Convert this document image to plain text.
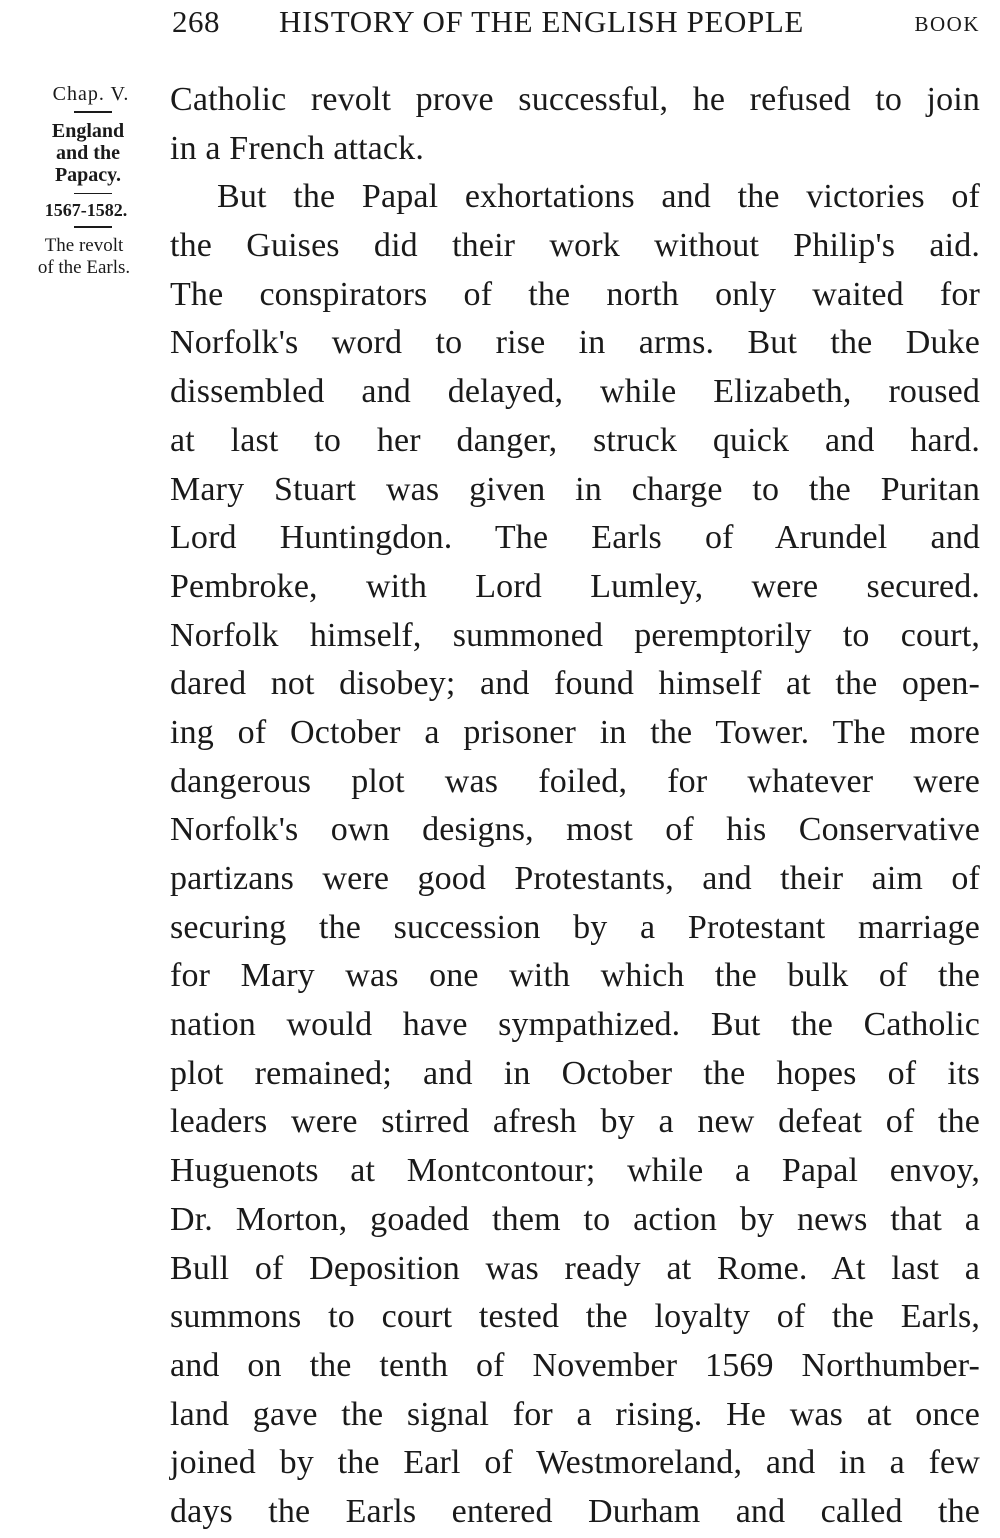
268 HISTORY OF THE ENGLISH PEOPLE	BOOK
Chap. V.
England
and the
Papacy.
1567-1582.
The revolt
of the Earls.
Catholic revolt prove successful, he refused to join
in a French attack.
But the Papal exhortations and the victories of
the Guises did their work without Philip's aid.
The conspirators of the north only waited for
Norfolk's word to rise in arms. But the Duke
dissembled and delayed, while Elizabeth, roused
at last to her danger, struck quick and hard.
Mary Stuart was given in charge to the Puritan
Lord Huntingdon. The Earls of Arundel and
Pembroke, with Lord Lumley, were secured.
Norfolk himself, summoned peremptorily to court,
dared not disobey; and found himself at the open-
ing of October a prisoner in the Tower. The more
dangerous plot was foiled, for whatever were
Norfolk's own designs, most of his Conservative
partizans were good Protestants, and their aim of
securing the succession by a Protestant marriage
for Mary was one with which the bulk of the
nation would have sympathized. But the Catholic
plot remained; and in October the hopes of its
leaders were stirred afresh by a new defeat of the
Huguenots at Montcontour; while a Papal envoy,
Dr. Morton, goaded them to action by news that a
Bull of Deposition was ready at Rome. At last a
summons to court tested the loyalty of the Earls,
and on the tenth of November 1569 Northumber-
land gave the signal for a rising. He was at once
joined by the Earl of Westmoreland, and in a few
days the Earls entered Durham and called the
